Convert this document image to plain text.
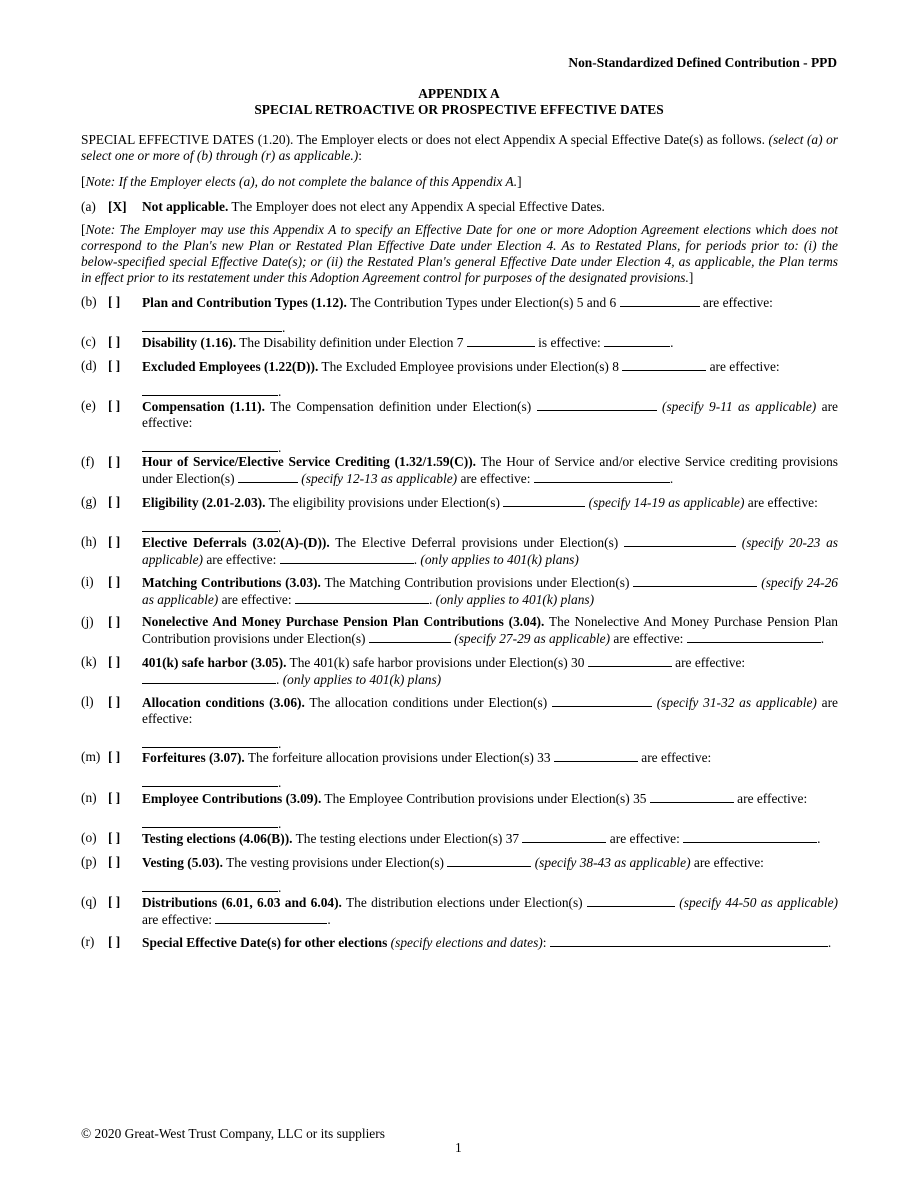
Non-Standardized Defined Contribution - PPD
APPENDIX A
SPECIAL RETROACTIVE OR PROSPECTIVE EFFECTIVE DATES
SPECIAL EFFECTIVE DATES (1.20). The Employer elects or does not elect Appendix A special Effective Date(s) as follows. (select (a) or select one or more of (b) through (r) as applicable.):
[Note: If the Employer elects (a), do not complete the balance of this Appendix A.]
(a) [X] Not applicable. The Employer does not elect any Appendix A special Effective Dates.
[Note: The Employer may use this Appendix A to specify an Effective Date for one or more Adoption Agreement elections which does not correspond to the Plan's new Plan or Restated Plan Effective Date under Election 4. As to Restated Plans, for periods prior to: (i) the below-specified special Effective Date(s); or (ii) the Restated Plan's general Effective Date under Election 4, as applicable, the Plan terms in effect prior to its restatement under this Adoption Agreement control for purposes of the designated provisions.]
(b) [ ] Plan and Contribution Types (1.12). The Contribution Types under Election(s) 5 and 6	are effective:
.
(c) [ ] Disability (1.16). The Disability definition under Election 7	is effective:	.
(d) [ ] Excluded Employees (1.22(D)). The Excluded Employee provisions under Election(s) 8	are effective:
.
(e) [ ] Compensation (1.11). The Compensation definition under Election(s)	(specify 9-11 as applicable) are effective:
.
(f) [ ] Hour of Service/Elective Service Crediting (1.32/1.59(C)). The Hour of Service and/or elective Service crediting provisions under Election(s)	(specify 12-13 as applicable) are effective:	.
(g) [ ] Eligibility (2.01-2.03). The eligibility provisions under Election(s)	(specify 14-19 as applicable) are effective:
.
(h) [ ] Elective Deferrals (3.02(A)-(D)). The Elective Deferral provisions under Election(s)	(specify 20-23 as applicable) are effective:	. (only applies to 401(k) plans)
(i) [ ] Matching Contributions (3.03). The Matching Contribution provisions under Election(s)	(specify 24-26 as applicable) are effective:	. (only applies to 401(k) plans)
(j) [ ] Nonelective And Money Purchase Pension Plan Contributions (3.04). The Nonelective And Money Purchase Pension Plan Contribution provisions under Election(s)	(specify 27-29 as applicable) are effective:	.
(k) [ ] 401(k) safe harbor (3.05). The 401(k) safe harbor provisions under Election(s) 30	are effective:
. (only applies to 401(k) plans)
(l) [ ] Allocation conditions (3.06). The allocation conditions under Election(s)	(specify 31-32 as applicable) are effective:
.
(m) [ ] Forfeitures (3.07). The forfeiture allocation provisions under Election(s) 33	are effective:
.
(n) [ ] Employee Contributions (3.09). The Employee Contribution provisions under Election(s) 35	are effective:
.
(o) [ ] Testing elections (4.06(B)). The testing elections under Election(s) 37	are effective:	.
(p) [ ] Vesting (5.03). The vesting provisions under Election(s)	(specify 38-43 as applicable) are effective:
.
(q) [ ] Distributions (6.01, 6.03 and 6.04). The distribution elections under Election(s)	(specify 44-50 as applicable) are effective:	.
(r) [ ] Special Effective Date(s) for other elections (specify elections and dates):	.
© 2020 Great-West Trust Company, LLC or its suppliers
1
